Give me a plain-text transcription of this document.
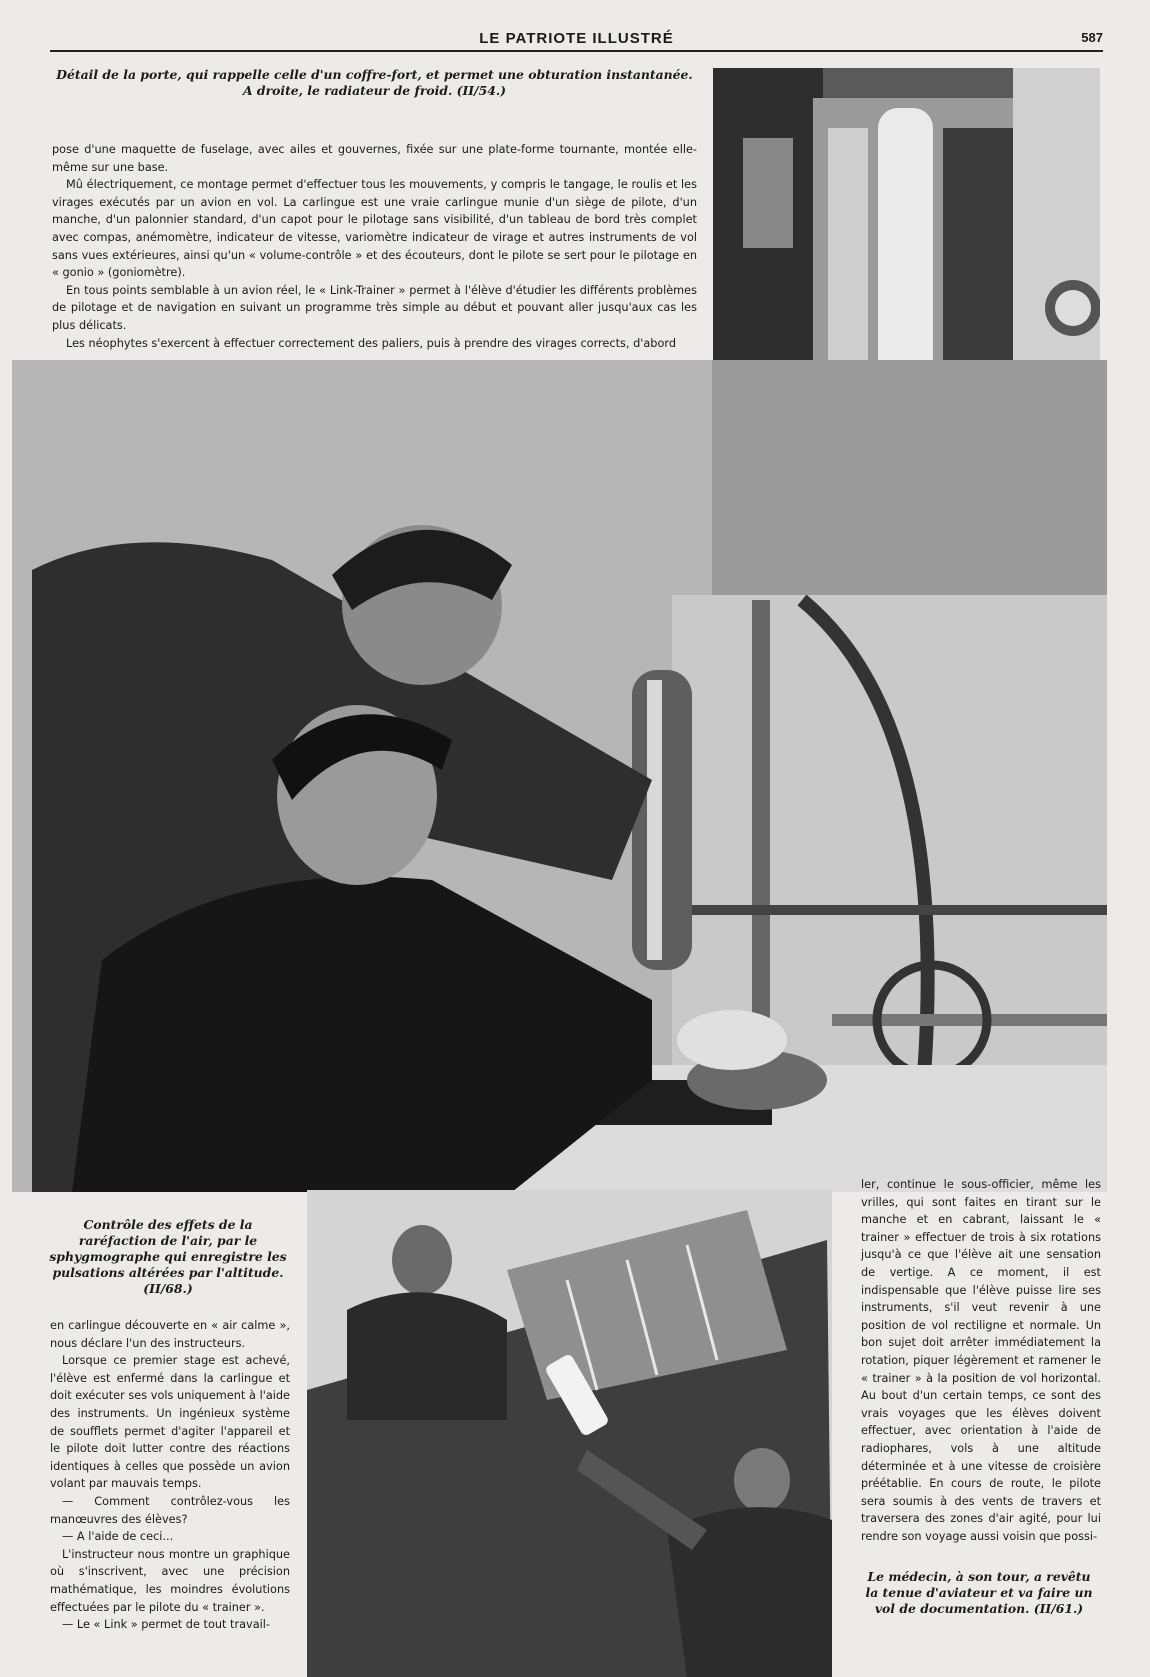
LE PATRIOTE ILLUSTRÉ	587
Détail de la porte, qui rappelle celle d'un coffre-fort, et permet une obturation instantanée. A droite, le radiateur de froid. (II/54.)

pose d'une maquette de fuselage, avec ailes et gouvernes, fixée sur une plate-forme tournante, montée elle-même sur une base.

Mû électriquement, ce montage permet d'effectuer tous les mouvements, y compris le tangage, le roulis et les virages exécutés par un avion en vol. La carlingue est une vraie carlingue munie d'un siège de pilote, d'un manche, d'un palonnier standard, d'un capot pour le pilotage sans visibilité, d'un tableau de bord très complet avec compas, anémomètre, indicateur de vitesse, variomètre indicateur de virage et autres instruments de vol sans vues extérieures, ainsi qu'un « volume-contrôle » et des écouteurs, dont le pilote se sert pour le pilotage en « gonio » (goniomètre).

En tous points semblable à un avion réel, le « Link-Trainer » permet à l'élève d'étudier les différents problèmes de pilotage et de navigation en suivant un programme très simple au début et pouvant aller jusqu'aux cas les plus délicats.

Les néophytes s'exercent à effectuer correctement des paliers, puis à prendre des virages corrects, d'abord

Contrôle des effets de la raréfaction de l'air, par le sphygmographe qui enregistre les pulsations altérées par l'altitude. (II/68.)

en carlingue découverte en « air calme », nous déclare l'un des instructeurs.

Lorsque ce premier stage est achevé, l'élève est enfermé dans la carlingue et doit exécuter ses vols uniquement à l'aide des instruments. Un ingénieux système de soufflets permet d'agiter l'appareil et le pilote doit lutter contre des réactions identiques à celles que possède un avion volant par mauvais temps.

— Comment contrôlez-vous les manœuvres des élèves?

— A l'aide de ceci...

L'instructeur nous montre un graphique où s'inscrivent, avec une précision mathématique, les moindres évolutions effectuées par le pilote du « trainer ».

— Le « Link » permet de tout travail-

ler, continue le sous-officier, même les vrilles, qui sont faites en tirant sur le manche et en cabrant, laissant le « trainer » effectuer de trois à six rotations jusqu'à ce que l'élève ait une sensation de vertige. A ce moment, il est indispensable que l'élève puisse lire ses instruments, s'il veut revenir à une position de vol rectiligne et normale. Un bon sujet doit arrêter immédiatement la rotation, piquer légèrement et ramener le « trainer » à la position de vol horizontal. Au bout d'un certain temps, ce sont des vrais voyages que les élèves doivent effectuer, avec orientation à l'aide de radiophares, vols à une altitude déterminée et à une vitesse de croisière préétablie. En cours de route, le pilote sera soumis à des vents de travers et traversera des zones d'air agité, pour lui rendre son voyage aussi voisin que possi-

Le médecin, à son tour, a revêtu la tenue d'aviateur et va faire un vol de documentation. (II/61.)
